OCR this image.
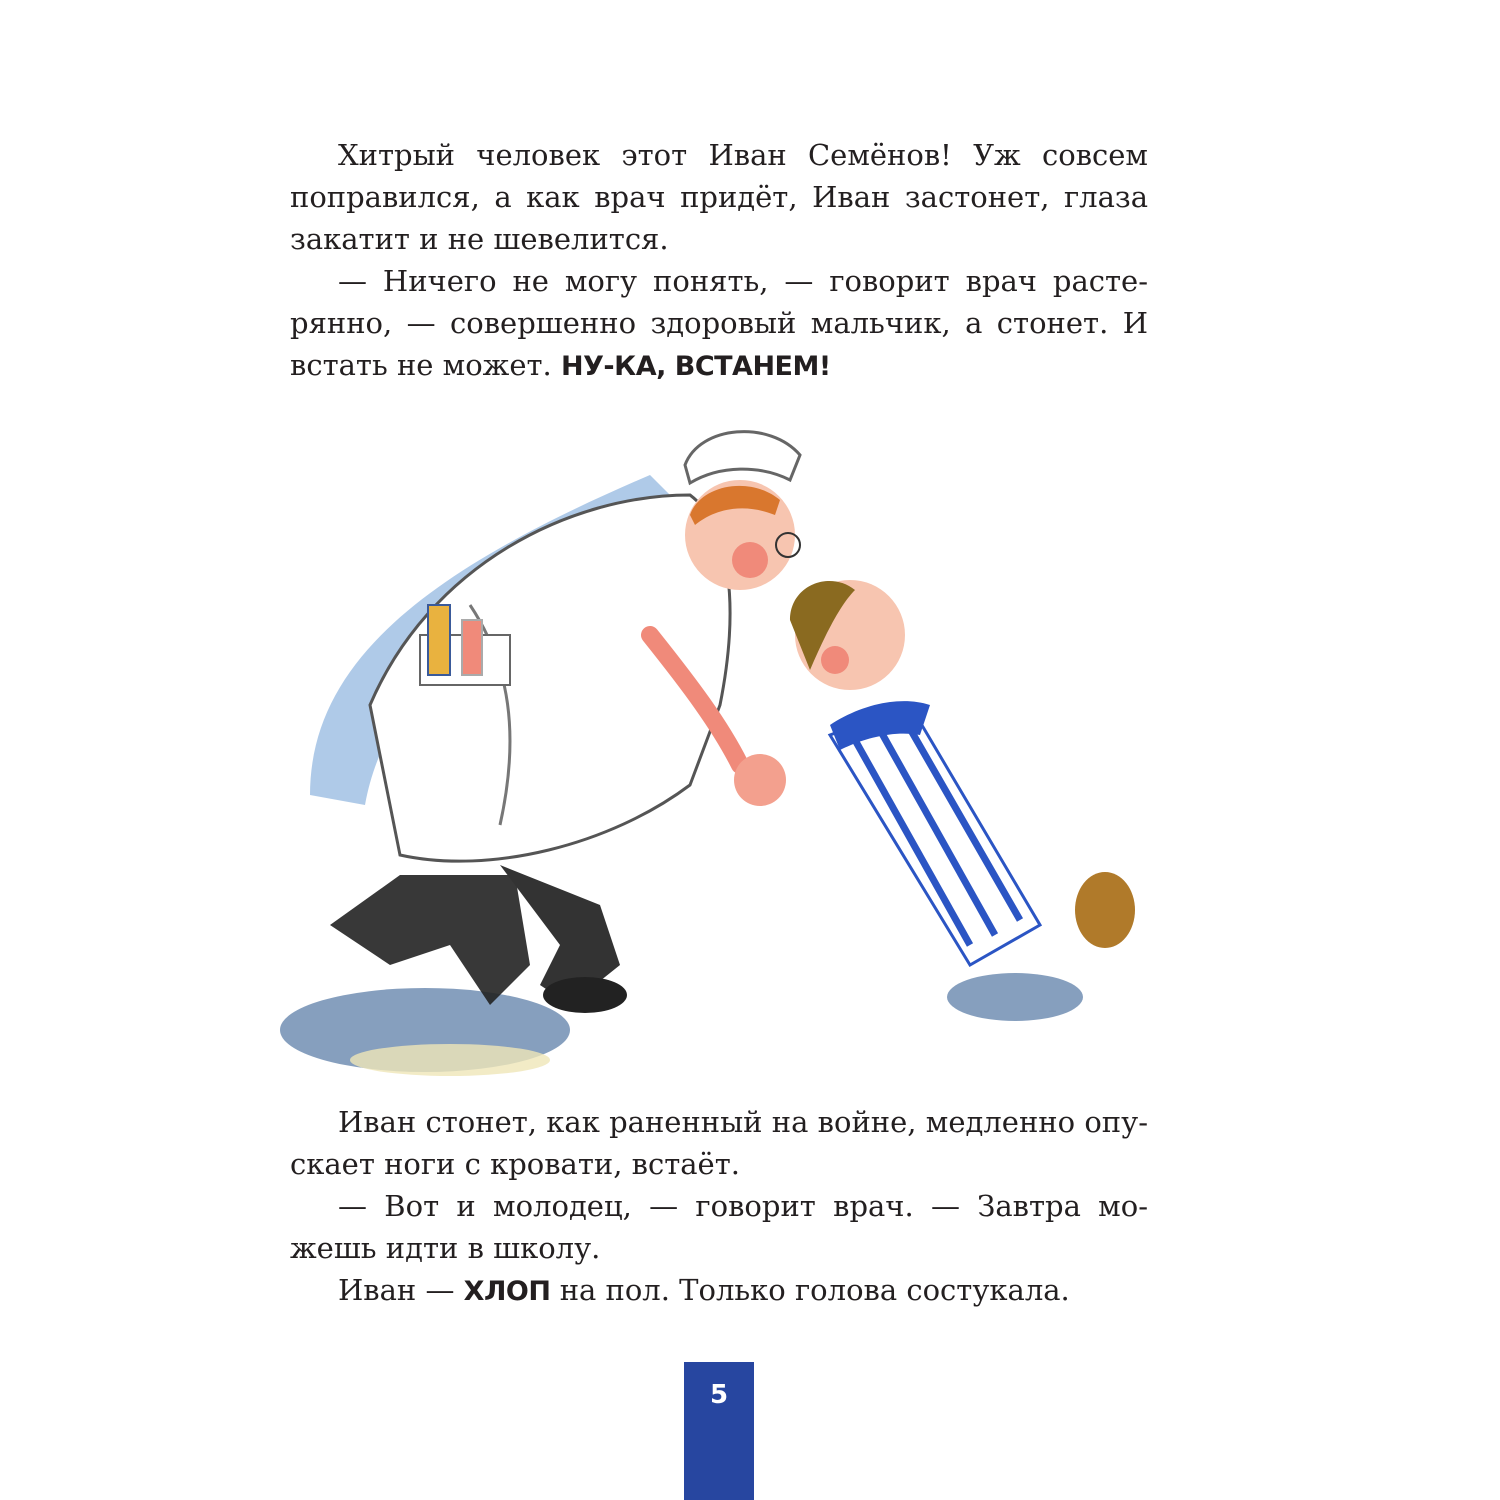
Хитрый человек этот Иван Семёнов! Уж совсем поправился, а как врач придёт, Иван застонет, глаза закатит и не шевелится.

— Ничего не могу понять, — говорит врач растерянно, — совершенно здоровый мальчик, а стонет. И встать не может. НУ-КА, ВСТАНЕМ!

Иван стонет, как раненный на войне, медленно опускает ноги с кровати, встаёт.

— Вот и молодец, — говорит врач. — Завтра можешь идти в школу.

Иван — ХЛОП на пол. Только голова состукала.

5
